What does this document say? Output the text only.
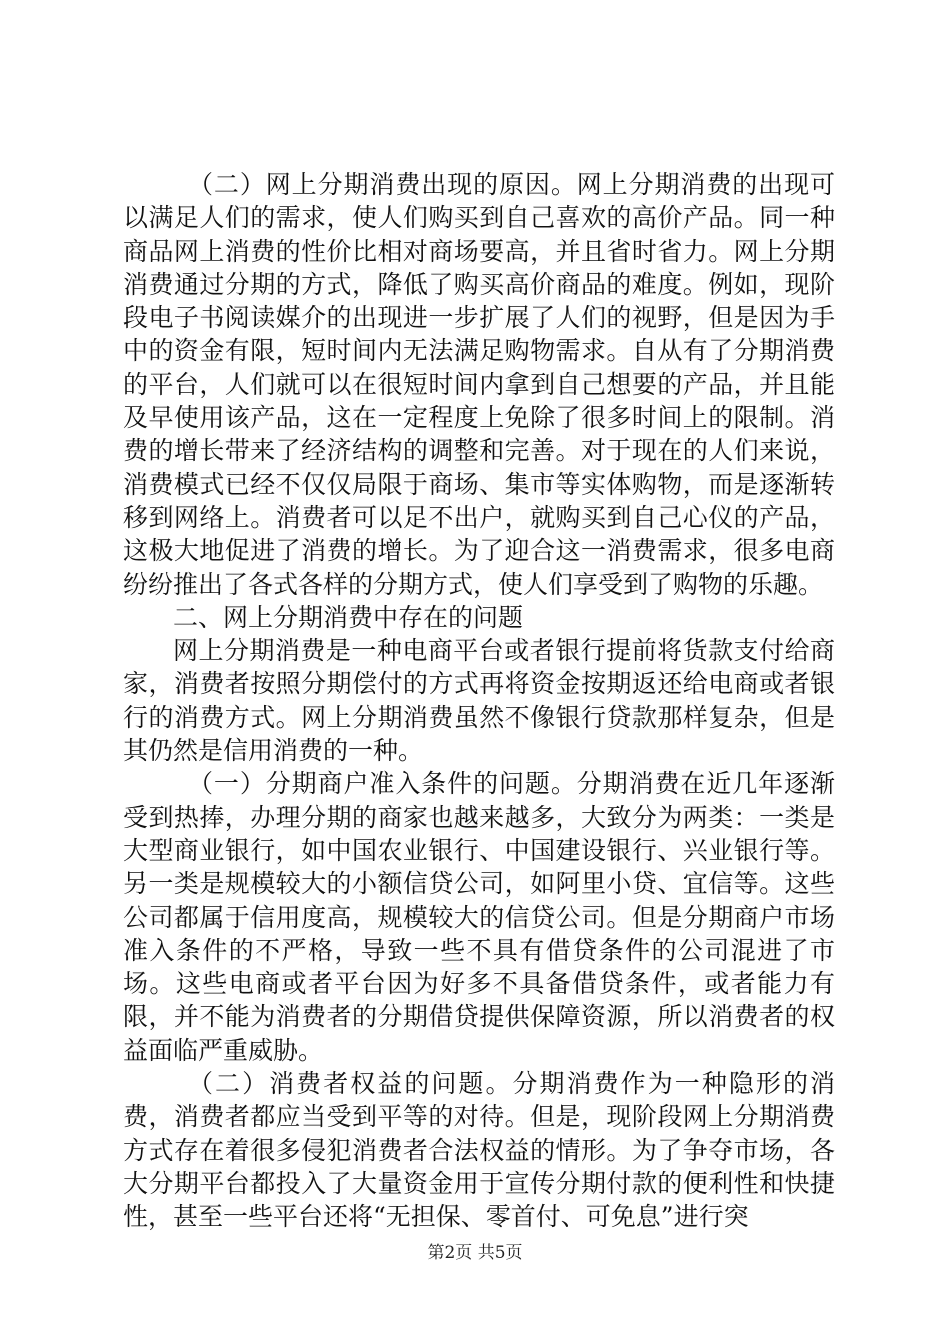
（二）网上分期消费出现的原因。网上分期消费的出现可以满足人们的需求，使人们购买到自己喜欢的高价产品。同一种商品网上消费的性价比相对商场要高，并且省时省力。网上分期消费通过分期的方式，降低了购买高价商品的难度。例如，现阶段电子书阅读媒介的出现进一步扩展了人们的视野，但是因为手中的资金有限，短时间内无法满足购物需求。自从有了分期消费的平台，人们就可以在很短时间内拿到自己想要的产品，并且能及早使用该产品，这在一定程度上免除了很多时间上的限制。消费的增长带来了经济结构的调整和完善。对于现在的人们来说，消费模式已经不仅仅局限于商场、集市等实体购物，而是逐渐转移到网络上。消费者可以足不出户，就购买到自己心仪的产品，这极大地促进了消费的增长。为了迎合这一消费需求，很多电商纷纷推出了各式各样的分期方式，使人们享受到了购物的乐趣。

二、网上分期消费中存在的问题

网上分期消费是一种电商平台或者银行提前将货款支付给商家，消费者按照分期偿付的方式再将资金按期返还给电商或者银行的消费方式。网上分期消费虽然不像银行贷款那样复杂，但是其仍然是信用消费的一种。

（一）分期商户准入条件的问题。分期消费在近几年逐渐受到热捧，办理分期的商家也越来越多，大致分为两类：一类是大型商业银行，如中国农业银行、中国建设银行、兴业银行等。另一类是规模较大的小额信贷公司，如阿里小贷、宜信等。这些公司都属于信用度高，规模较大的信贷公司。但是分期商户市场准入条件的不严格，导致一些不具有借贷条件的公司混进了市场。这些电商或者平台因为好多不具备借贷条件，或者能力有限，并不能为消费者的分期借贷提供保障资源，所以消费者的权益面临严重威胁。

（二）消费者权益的问题。分期消费作为一种隐形的消费，消费者都应当受到平等的对待。但是，现阶段网上分期消费方式存在着很多侵犯消费者合法权益的情形。为了争夺市场，各大分期平台都投入了大量资金用于宣传分期付款的便利性和快捷性，甚至一些平台还将“无担保、零首付、可免息”进行突

第2页 共5页
